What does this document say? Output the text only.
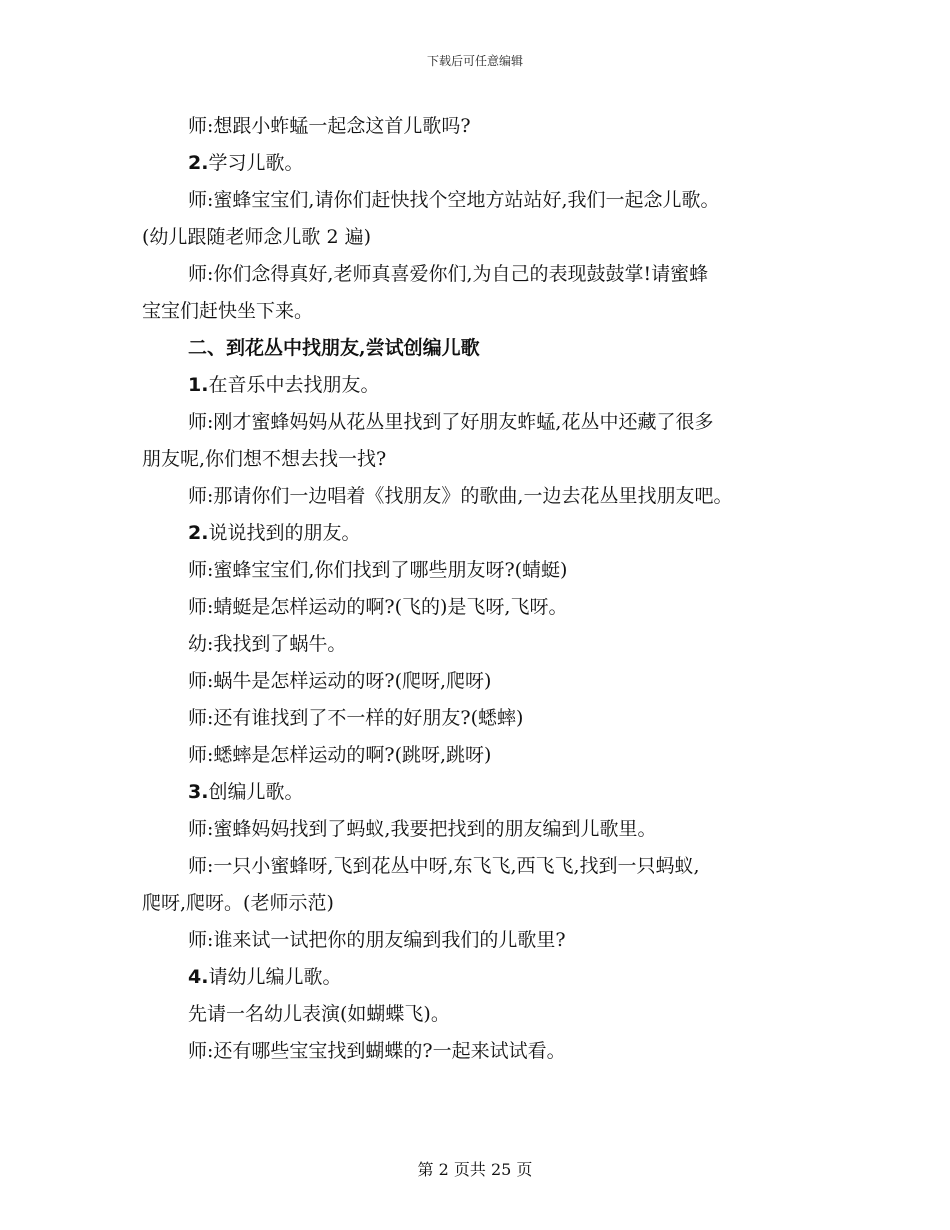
下载后可任意编辑

师:想跟小蚱蜢一起念这首儿歌吗?

2.学习儿歌。

师:蜜蜂宝宝们,请你们赶快找个空地方站站好,我们一起念儿歌。

(幼儿跟随老师念儿歌 2 遍)

师:你们念得真好,老师真喜爱你们,为自己的表现鼓鼓掌!请蜜蜂

宝宝们赶快坐下来。

二、到花丛中找朋友,尝试创编儿歌

1.在音乐中去找朋友。

师:刚才蜜蜂妈妈从花丛里找到了好朋友蚱蜢,花丛中还藏了很多

朋友呢,你们想不想去找一找?

师:那请你们一边唱着《找朋友》的歌曲,一边去花丛里找朋友吧。

2.说说找到的朋友。

师:蜜蜂宝宝们,你们找到了哪些朋友呀?(蜻蜓)

师:蜻蜓是怎样运动的啊?(飞的)是飞呀,飞呀。

幼:我找到了蜗牛。

师:蜗牛是怎样运动的呀?(爬呀,爬呀)

师:还有谁找到了不一样的好朋友?(蟋蟀)

师:蟋蟀是怎样运动的啊?(跳呀,跳呀)

3.创编儿歌。

师:蜜蜂妈妈找到了蚂蚁,我要把找到的朋友编到儿歌里。

师:一只小蜜蜂呀,飞到花丛中呀,东飞飞,西飞飞,找到一只蚂蚁,

爬呀,爬呀。(老师示范)

师:谁来试一试把你的朋友编到我们的儿歌里?

4.请幼儿编儿歌。

先请一名幼儿表演(如蝴蝶飞)。

师:还有哪些宝宝找到蝴蝶的?一起来试试看。

第 2 页共 25 页
